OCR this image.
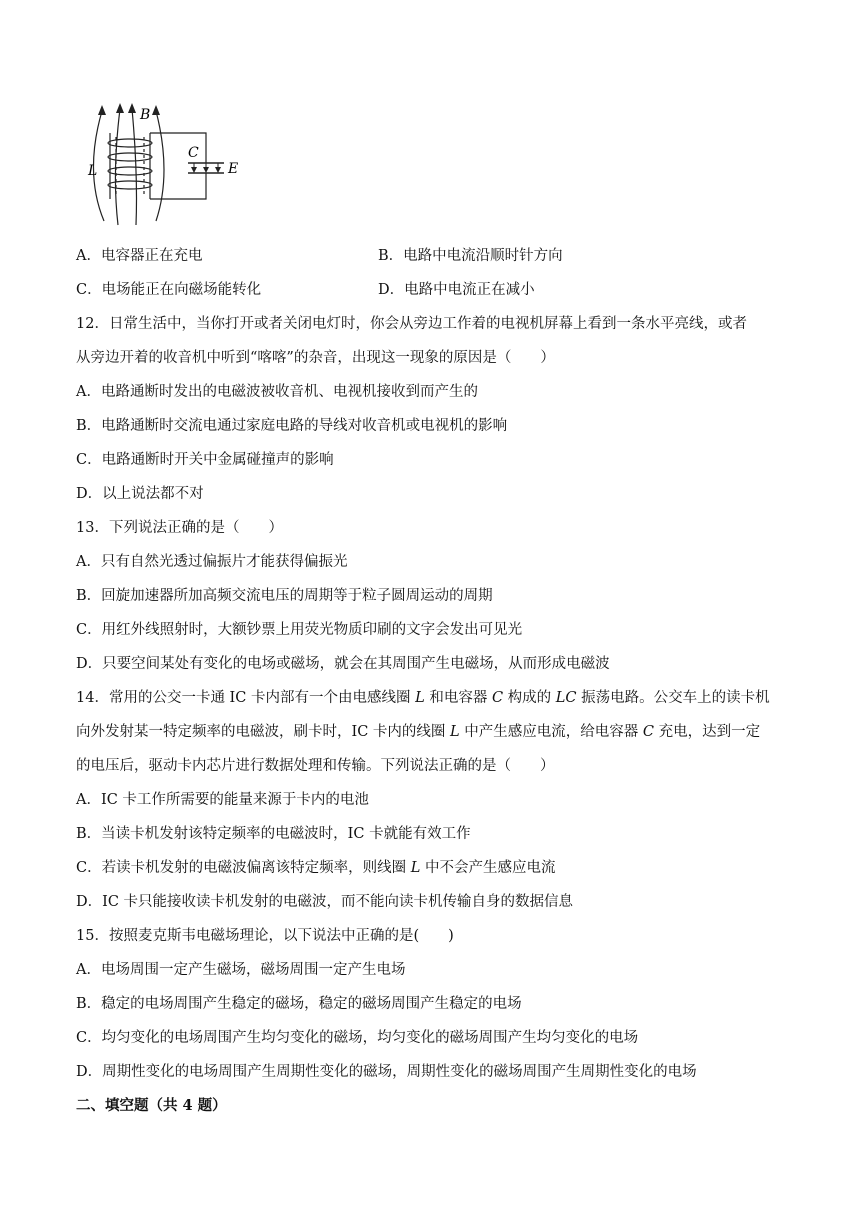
B
C
L	E
A．电容器正在充电	B．电路中电流沿顺时针方向
C．电场能正在向磁场能转化	D．电路中电流正在减小
12．日常生活中，当你打开或者关闭电灯时，你会从旁边工作着的电视机屏幕上看到一条水平亮线，或者
从旁边开着的收音机中听到“喀喀”的杂音，出现这一现象的原因是（　　）
A．电路通断时发出的电磁波被收音机、电视机接收到而产生的
B．电路通断时交流电通过家庭电路的导线对收音机或电视机的影响
C．电路通断时开关中金属碰撞声的影响
D．以上说法都不对
13．下列说法正确的是（　　）
A．只有自然光透过偏振片才能获得偏振光
B．回旋加速器所加高频交流电压的周期等于粒子圆周运动的周期
C．用红外线照射时，大额钞票上用荧光物质印刷的文字会发出可见光
D．只要空间某处有变化的电场或磁场，就会在其周围产生电磁场，从而形成电磁波
14．常用的公交一卡通 IC 卡内部有一个由电感线圈 L 和电容器 C 构成的 LC 振荡电路。公交车上的读卡机
向外发射某一特定频率的电磁波，刷卡时，IC 卡内的线圈 L 中产生感应电流，给电容器 C 充电，达到一定
的电压后，驱动卡内芯片进行数据处理和传输。下列说法正确的是（　　）
A．IC 卡工作所需要的能量来源于卡内的电池
B．当读卡机发射该特定频率的电磁波时，IC 卡就能有效工作
C．若读卡机发射的电磁波偏离该特定频率，则线圈 L 中不会产生感应电流
D．IC 卡只能接收读卡机发射的电磁波，而不能向读卡机传输自身的数据信息
15．按照麦克斯韦电磁场理论，以下说法中正确的是(　　)
A．电场周围一定产生磁场，磁场周围一定产生电场
B．稳定的电场周围产生稳定的磁场，稳定的磁场周围产生稳定的电场
C．均匀变化的电场周围产生均匀变化的磁场，均匀变化的磁场周围产生均匀变化的电场
D．周期性变化的电场周围产生周期性变化的磁场，周期性变化的磁场周围产生周期性变化的电场
二、填空题（共 4 题）
